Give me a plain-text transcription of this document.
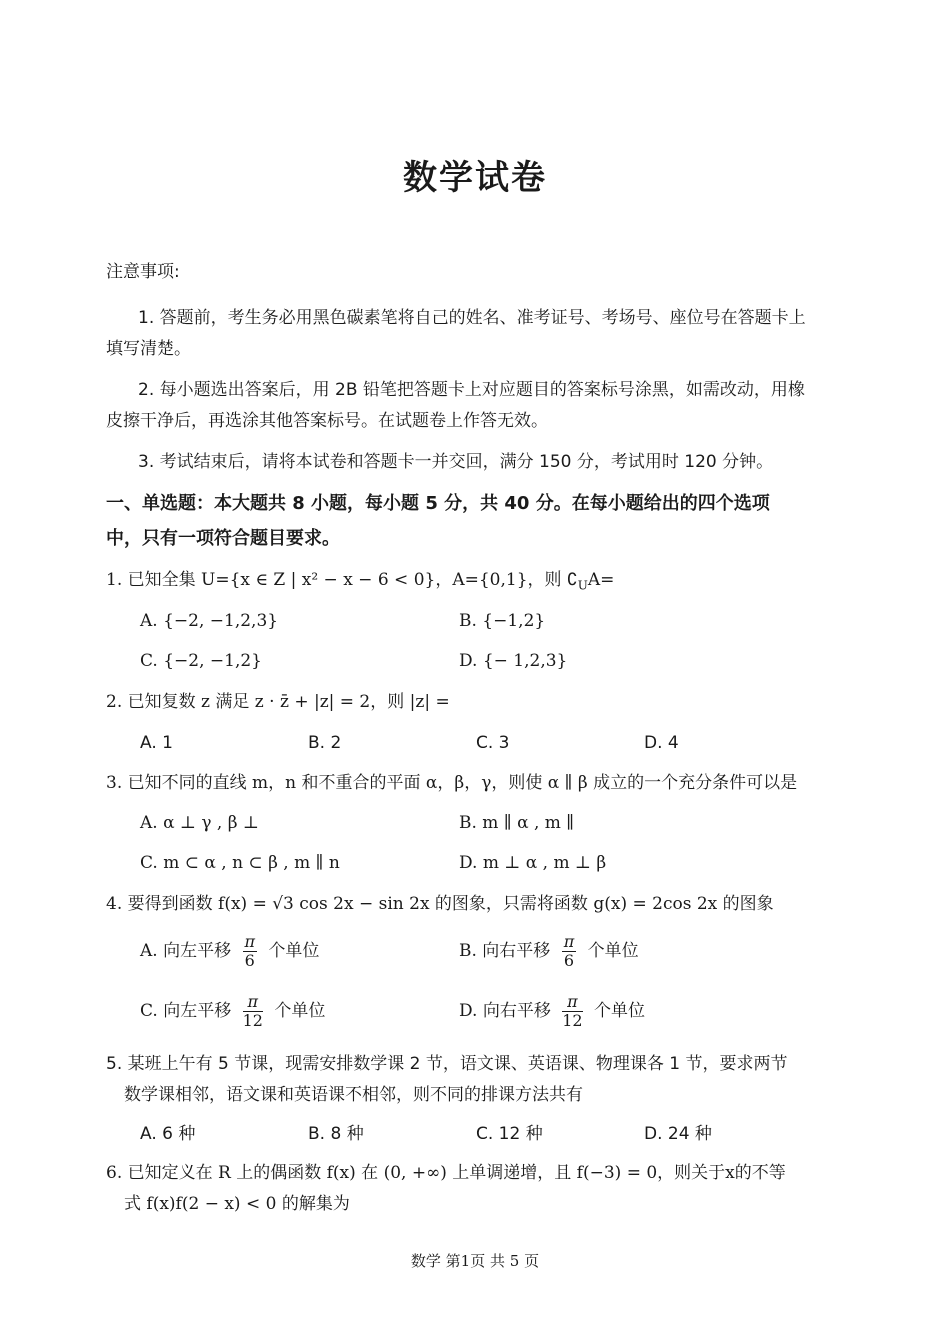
数学试卷
注意事项:
1. 答题前，考生务必用黑色碳素笔将自己的姓名、准考证号、考场号、座位号在答题卡上
填写清楚。
2. 每小题选出答案后，用 2B 铅笔把答题卡上对应题目的答案标号涂黑，如需改动，用橡
皮擦干净后，再选涂其他答案标号。在试题卷上作答无效。
3. 考试结束后，请将本试卷和答题卡一并交回，满分 150 分，考试用时 120 分钟。
一、单选题：本大题共 8 小题，每小题 5 分，共 40 分。在每小题给出的四个选项
中，只有一项符合题目要求。
1. 已知全集 U={x ∈ Z | x² − x − 6 < 0}，A={0,1}，则 $∁_UA=$
A. {−2, −1,2,3}	B. {−1,2}
C. {−2, −1,2}	D. {− 1,2,3}
2. 已知复数 z 满足 z · z̄ + |z| = 2，则 |z| =
A. 1	B. 2	C. 3	D. 4
3. 已知不同的直线 m，n 和不重合的平面 α，β，γ，则使 α ∥ β 成立的一个充分条件可以是
A. α ⊥ γ , β ⊥	B. m ∥ α , m ∥
C. m ⊂ α , n ⊂ β , m ∥ n	D. m ⊥ α , m ⊥ β
4. 要得到函数 f(x) = √3 cos 2x − sin 2x 的图象，只需将函数 g(x) = 2cos 2x 的图象
A. 向左平移 $\frac{\pi}{6}$ 个单位	B. 向右平移 $\frac{\pi}{6}$ 个单位
C. 向左平移 $\frac{\pi}{12}$ 个单位	D. 向右平移 $\frac{\pi}{12}$ 个单位
5. 某班上午有 5 节课，现需安排数学课 2 节，语文课、英语课、物理课各 1 节，要求两节
数学课相邻，语文课和英语课不相邻，则不同的排课方法共有
A. 6 种	B. 8 种	C. 12 种	D. 24 种
6. 已知定义在 R 上的偶函数 f(x) 在 (0, +∞) 上单调递增，且 f(−3) = 0，则关于x的不等
式 f(x)f(2 − x) < 0 的解集为
数学 第1页 共 5 页
